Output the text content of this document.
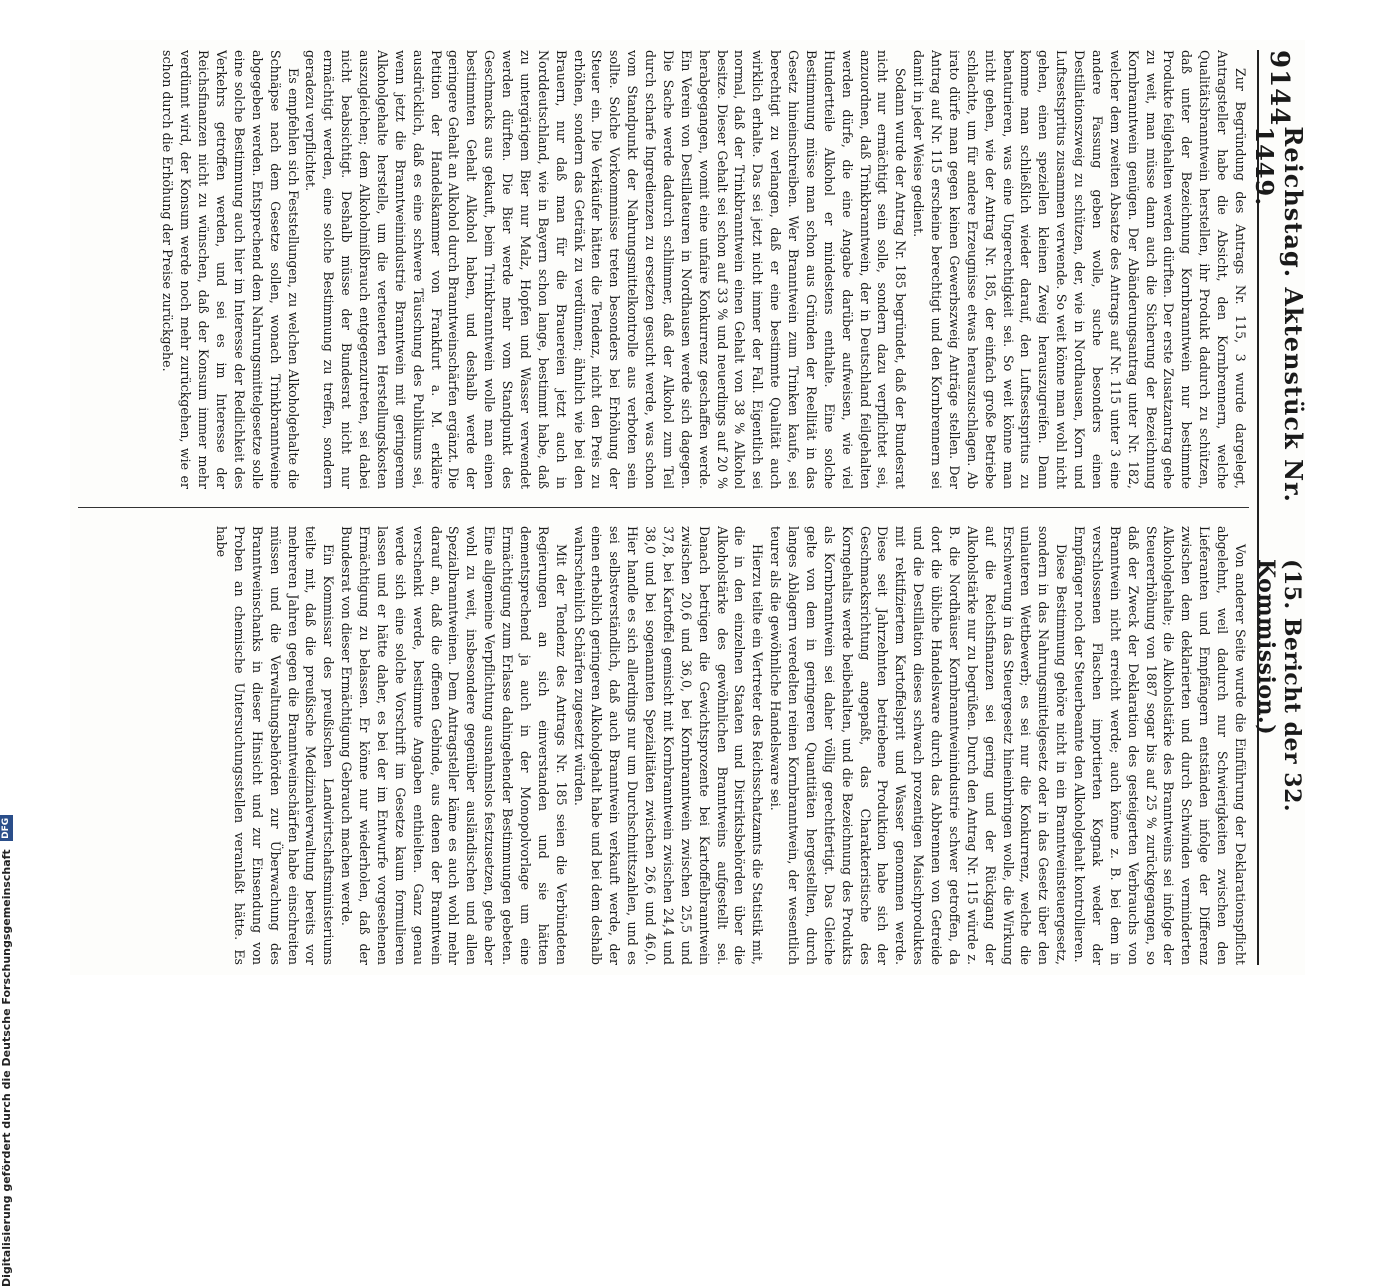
Digitalisierung gefördert durch die Deutsche Forschungsgemeinschaft
DFG
9144
Reichstag. Aktenstück Nr. 1449.
(15. Bericht der 32. Kommission.)

Zur Begründung des Antrags Nr. 115, 3 wurde dargelegt, Antragsteller habe die Absicht, den Kornbrennern, welche Qualitätsbranntwein herstellen, ihr Produkt dadurch zu schützen, daß unter der Bezeichnung Kornbranntwein nur bestimmte Produkte feilgehalten werden dürften. Der erste Zusatzantrag gehe zu weit, man müsse dann auch die Sicherung der Bezeichnung Kornbranntwein genügen. Der Abänderungsantrag unter Nr. 182, welcher dem zweiten Absatze des Antrags auf Nr. 115 unter 3 eine andere Fassung geben wolle, suche besonders einen Destillationszweig zu schützen, der, wie in Nordhausen, Korn und Luftsestspritus zusammen verwende. So weit könne man wohl nicht gehen, einen speziellen kleinen Zweig herauszugreifen. Dann komme man schließlich wieder darauf, den Luftsestspritus zu benaturieren, was eine Ungerechtigkeit sei. So weit könne man nicht gehen, wie der Antrag Nr. 185, der einfach große Betriebe schlachte, um für andere Erzeugnisse etwas herauszuschlagen. Ab irato dürfe man gegen keinen Gewerbszweig Anträge stellen. Der Antrag auf Nr. 115 erscheine berechtigt und den Kornbrennern sei damit in jeder Weise gedient.

Sodann wurde der Antrag Nr. 185 begründet, daß der Bundesrat nicht nur ermächtigt sein solle, sondern dazu verpflichtet sei, anzuordnen, daß Trinkbranntwein, der in Deutschland feilgehalten werden dürfe, die eine Angabe darüber aufweisen, wie viel Hundertteile Alkohol er mindestens enthalte. Eine solche Bestimmung müsse man schon aus Gründen der Reellität in das Gesetz hineinschreiben. Wer Branntwein zum Trinken kaufe, sei berechtigt zu verlangen, daß er eine bestimmte Qualität auch wirklich erhalte. Das sei jetzt nicht immer der Fall. Eigentlich sei normal, daß der Trinkbranntwein einen Gehalt von 38 % Alkohol besitze. Dieser Gehalt sei schon auf 33 % und neuerdings auf 20 % herabgegangen, womit eine unfaire Konkurrenz geschaffen werde. Ein Verein von Destillateuren in Nordhausen werde sich dagegen. Die Sache werde dadurch schlimmer, daß der Alkohol zum Teil durch scharfe Ingredienzen zu ersetzen gesucht werde, was schon vom Standpunkt der Nahrungsmittelkontrolle aus verboten sein sollte. Solche Vorkommnisse treten besonders bei Erhöhung der Steuer ein. Die Verkäufer hätten die Tendenz, nicht den Preis zu erhöhen, sondern das Getränk zu verdünnen; ähnlich wie bei den Brauern, nur daß man für die Brauereien jetzt auch in Norddeutschland, wie in Bayern schon lange, bestimmt habe, daß zu untergärigem Bier nur Malz, Hopfen und Wasser verwendet werden dürften. Die Bier werde mehr vom Standpunkt des Geschmacks aus gekauft, beim Trinkbranntwein wolle man einen bestimmten Gehalt Alkohol haben, und deshalb werde der geringere Gehalt an Alkohol durch Branntweinschärfen ergänzt. Die Petition der Handelskammer von Frankfurt a. M. erkläre ausdrücklich, daß es eine schwere Täuschung des Publikums sei, wenn jetzt die Branntweinindustrie Branntwein mit geringerem Alkoholgehalte herstelle, um die verteuerten Herstellungskosten auszugleichen; dem Alkoholmißbrauch entgegenzutreten, sei dabei nicht beabsichtigt. Deshalb müsse der Bundesrat nicht nur ermächtigt werden, eine solche Bestimmung zu treffen, sondern geradezu verpflichtet.

Es empfehlen sich Feststellungen, zu welchen Alkoholgehalte die Schnäpse nach dem Gesetze sollen, wonach Trinkbranntweine abgegeben werden. Entsprechend dem Nahrungsmittelgesetze solle eine solche Bestimmung auch hier im Interesse der Redlichkeit des Verkehrs getroffen werden, und sei es im Interesse der Reichsfinanzen nicht zu wünschen, daß der Konsum immer mehr verdünnt wird, der Konsum werde noch mehr zurückgehen, wie er schon durch die Erhöhung der Preise zurückgehe.

Von anderer Seite wurde die Einführung der Deklarationspflicht abgelehnt, weil dadurch nur Schwierigkeiten zwischen den Lieferanten und Empfängern entständen infolge der Differenz zwischen dem deklarierten und durch Schwinden verminderten Alkoholgehalte; die Alkoholstärke des Branntweins sei infolge der Steuererhöhung von 1887 sogar bis auf 25 % zurückgegangen, so daß der Zweck der Deklaration des gesteigerten Verbrauchs von Branntwein nicht erreicht werde; auch könne z. B. bei dem in verschlossenen Flaschen importierten Kognak weder der Empfänger noch der Steuerbeamte den Alkoholgehalt kontrollieren.

Diese Bestimmung gehöre nicht in ein Branntweinsteuergesetz, sondern in das Nahrungsmittelgesetz oder in das Gesetz über den unlauteren Wettbewerb; es sei nur die Konkurrenz, welche die Erschwerung in das Steuergesetz hineinbringen wolle, die Wirkung auf die Reichsfinanzen sei gering und der Rückgang der Alkoholstärke nur zu begrüßen. Durch den Antrag Nr. 115 würde z. B. die Nordhäuser Kornbranntweinindustrie schwer getroffen, da dort die übliche Handelsware durch das Abbrennen von Getreide und die Destillation dieses schwach prozentigen Maischproduktes mit rektifiziertem Kartoffelsprit und Wasser genommen werde. Diese seit Jahrzehnten betriebene Produktion habe sich der Geschmacksrichtung angepaßt, das Charakteristische des Korngehalts werde beibehalten, und die Bezeichnung des Produkts als Kornbranntwein sei daher völlig gerechtfertigt. Das Gleiche gelte von dem in geringeren Quantitäten hergestellten, durch langes Ablagern veredelten reinen Kornbranntwein, der wesentlich teurer als die gewöhnliche Handelsware sei.

Hierzu teilte ein Vertreter des Reichsschatzamts die Statistik mit, die in den einzelnen Staaten und Distriktsbehörden über die Alkoholstärke des gewöhnlichen Branntweins aufgestellt sei. Danach betrügen die Gewichtsprozente bei Kartoffelbranntwein zwischen 20,6 und 36,0, bei Kornbranntwein zwischen 25,5 und 37,8, bei Kartoffel gemischt mit Kornbranntwein zwischen 24,4 und 38,0 und bei sogenannten Spezialitäten zwischen 26,6 und 46,0. Hier handle es sich allerdings nur um Durchschnittszahlen, und es sei selbstverständlich, daß auch Branntwein verkauft werde, der einen erheblich geringeren Alkoholgehalt habe und bei dem deshalb wahrscheinlich Schärfen zugesetzt würden.

Mit der Tendenz des Antrags Nr. 185 seien die Verbündeten Regierungen an sich einverstanden und sie hätten dementsprechend ja auch in der Monopolvorlage um eine Ermächtigung zum Erlasse dahingehender Bestimmungen gebeten. Eine allgemeine Verpflichtung ausnahmslos festzusetzen, gehe aber wohl zu weit, insbesondere gegenüber ausländischen und allen Spezialbranntweinen. Dem Antragsteller käme es auch wohl mehr darauf an, daß die offenen Gebinde, aus denen der Branntwein verschenkt werde, bestimmte Angaben enthielten. Ganz genau werde sich eine solche Vorschrift im Gesetze kaum formulieren lassen und er hätte daher, es bei der im Entwurfe vorgesehenen Ermächtigung zu belassen. Er könne nur wiederholen, daß der Bundesrat von dieser Ermächtigung Gebrauch machen werde.

Ein Kommissar des preußischen Landwirtschaftsministeriums teilte mit, daß die preußische Medizinalverwaltung bereits vor mehreren Jahren gegen die Branntweinschärfen habe einschreiten müssen und die Verwaltungsbehörden zur Überwachung des Branntweinschanks in dieser Hinsicht und zur Einsendung von Proben an chemische Untersuchungsstellen veranlaßt hätte. Es habe
